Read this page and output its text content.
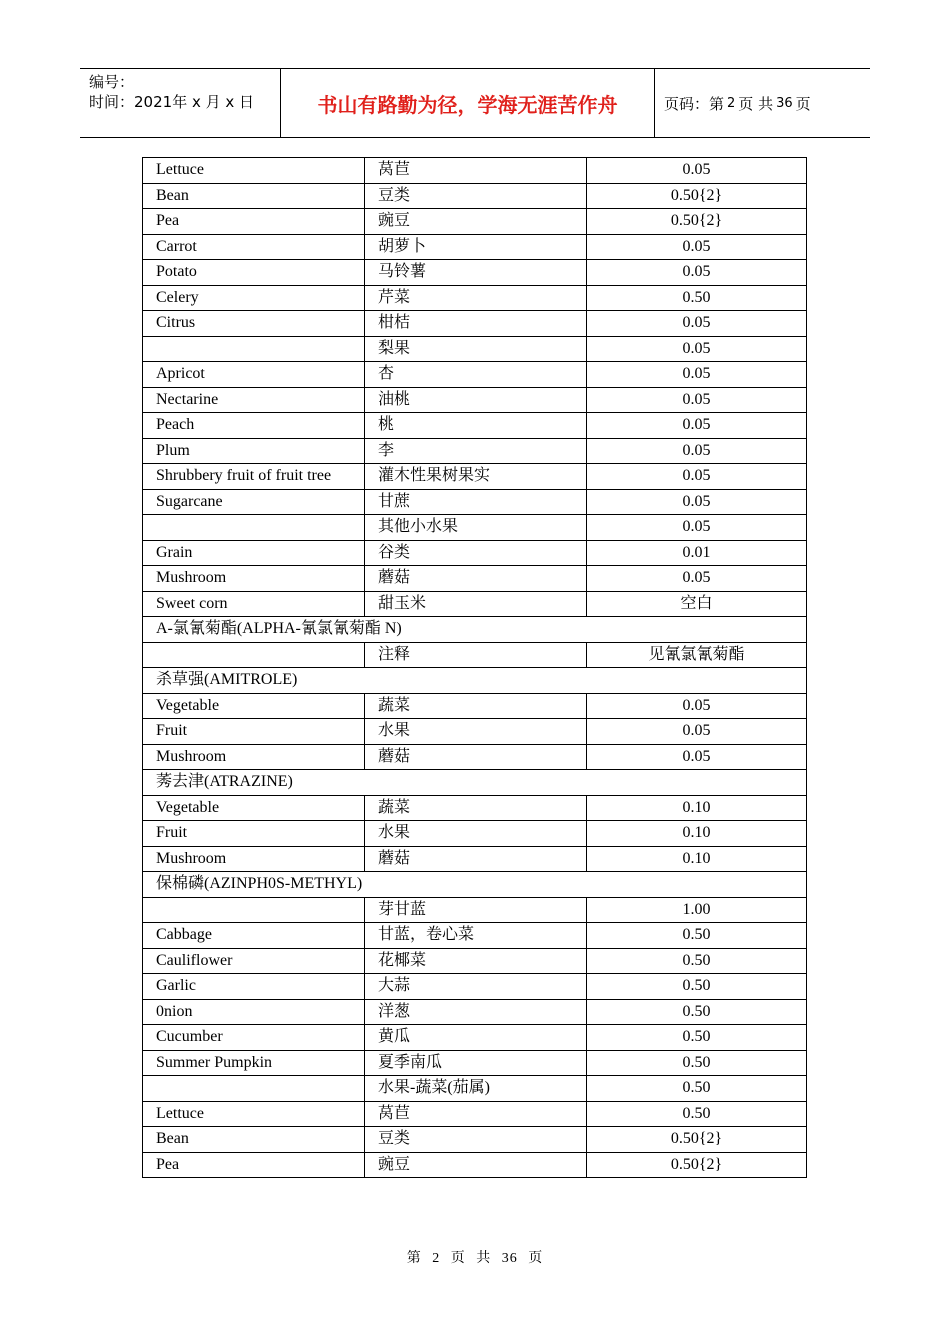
编号：
时间：2021年 x 月 x 日	书山有路勤为径，学海无涯苦作舟	页码：第 2 页 共 36 页
Lettuce	莴苣	0.05
Bean	豆类	0.50{2}
Pea	豌豆	0.50{2}
Carrot	胡萝卜	0.05
Potato	马铃薯	0.05
Celery	芹菜	0.50
Citrus	柑桔	0.05
	梨果	0.05
Apricot	杏	0.05
Nectarine	油桃	0.05
Peach	桃	0.05
Plum	李	0.05
Shrubbery fruit of fruit tree	灌木性果树果实	0.05
Sugarcane	甘蔗	0.05
	其他小水果	0.05
Grain	谷类	0.01
Mushroom	蘑菇	0.05
Sweet corn	甜玉米	空白
A-氯氰菊酯(ALPHA-氰氯氰菊酯 N)		
	注释	见氰氯氰菊酯
杀草强(AMITROLE)		
Vegetable	蔬菜	0.05
Fruit	水果	0.05
Mushroom	蘑菇	0.05
莠去津(ATRAZINE)		
Vegetable	蔬菜	0.10
Fruit	水果	0.10
Mushroom	蘑菇	0.10
保棉磷(AZINPH0S-METHYL)		
	芽甘蓝	1.00
Cabbage	甘蓝，卷心菜	0.50
Cauliflower	花椰菜	0.50
Garlic	大蒜	0.50
0nion	洋葱	0.50
Cucumber	黄瓜	0.50
Summer Pumpkin	夏季南瓜	0.50
	水果-蔬菜(茄属)	0.50
Lettuce	莴苣	0.50
Bean	豆类	0.50{2}
Pea	豌豆	0.50{2}
第 2 页 共 36 页
